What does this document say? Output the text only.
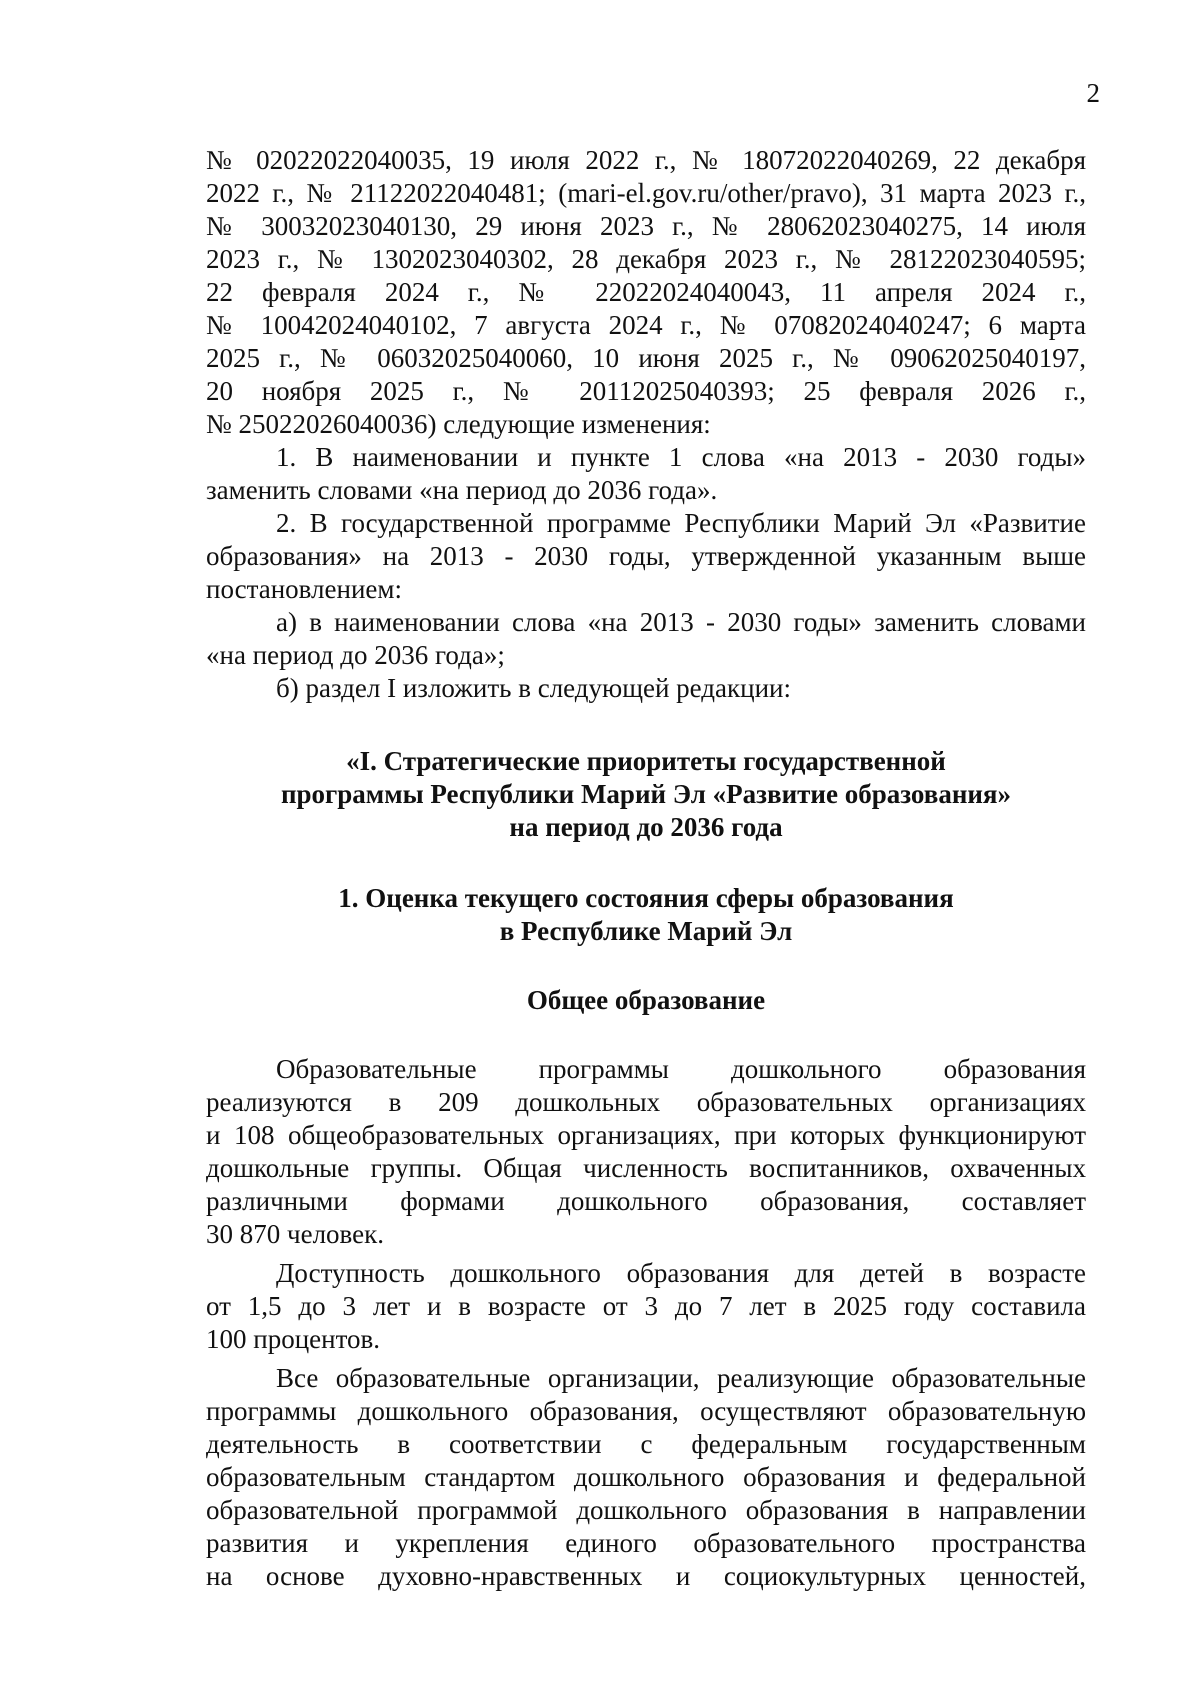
2
№ 02022022040035, 19 июля 2022 г., № 18072022040269, 22 декабря
2022 г., № 21122022040481; (mari-el.gov.ru/other/pravo), 31 марта 2023 г.,
№ 30032023040130, 29 июня 2023 г., № 28062023040275, 14 июля
2023 г., № 1302023040302, 28 декабря 2023 г., № 28122023040595;
22 февраля 2024 г., № 22022024040043, 11 апреля 2024 г.,
№ 10042024040102, 7 августа 2024 г., № 07082024040247; 6 марта
2025 г., № 06032025040060, 10 июня 2025 г., № 09062025040197,
20 ноября 2025 г., № 20112025040393; 25 февраля 2026 г.,
№ 25022026040036) следующие изменения:
1. В наименовании и пункте 1 слова «на 2013 - 2030 годы»
заменить словами «на период до 2036 года».
2. В государственной программе Республики Марий Эл «Развитие
образования» на 2013 - 2030 годы, утвержденной указанным выше
постановлением:
а) в наименовании слова «на 2013 - 2030 годы» заменить словами
«на период до 2036 года»;
б) раздел I изложить в следующей редакции:
«I. Стратегические приоритеты государственной
программы Республики Марий Эл «Развитие образования»
на период до 2036 года
1. Оценка текущего состояния сферы образования
в Республике Марий Эл
Общее образование
Образовательные программы дошкольного образования
реализуются в 209 дошкольных образовательных организациях
и 108 общеобразовательных организациях, при которых функционируют
дошкольные группы. Общая численность воспитанников, охваченных
различными формами дошкольного образования, составляет
30 870 человек.
Доступность дошкольного образования для детей в возрасте
от 1,5 до 3 лет и в возрасте от 3 до 7 лет в 2025 году составила
100 процентов.
Все образовательные организации, реализующие образовательные
программы дошкольного образования, осуществляют образовательную
деятельность в соответствии с федеральным государственным
образовательным стандартом дошкольного образования и федеральной
образовательной программой дошкольного образования в направлении
развития и укрепления единого образовательного пространства
на основе духовно-нравственных и социокультурных ценностей,
